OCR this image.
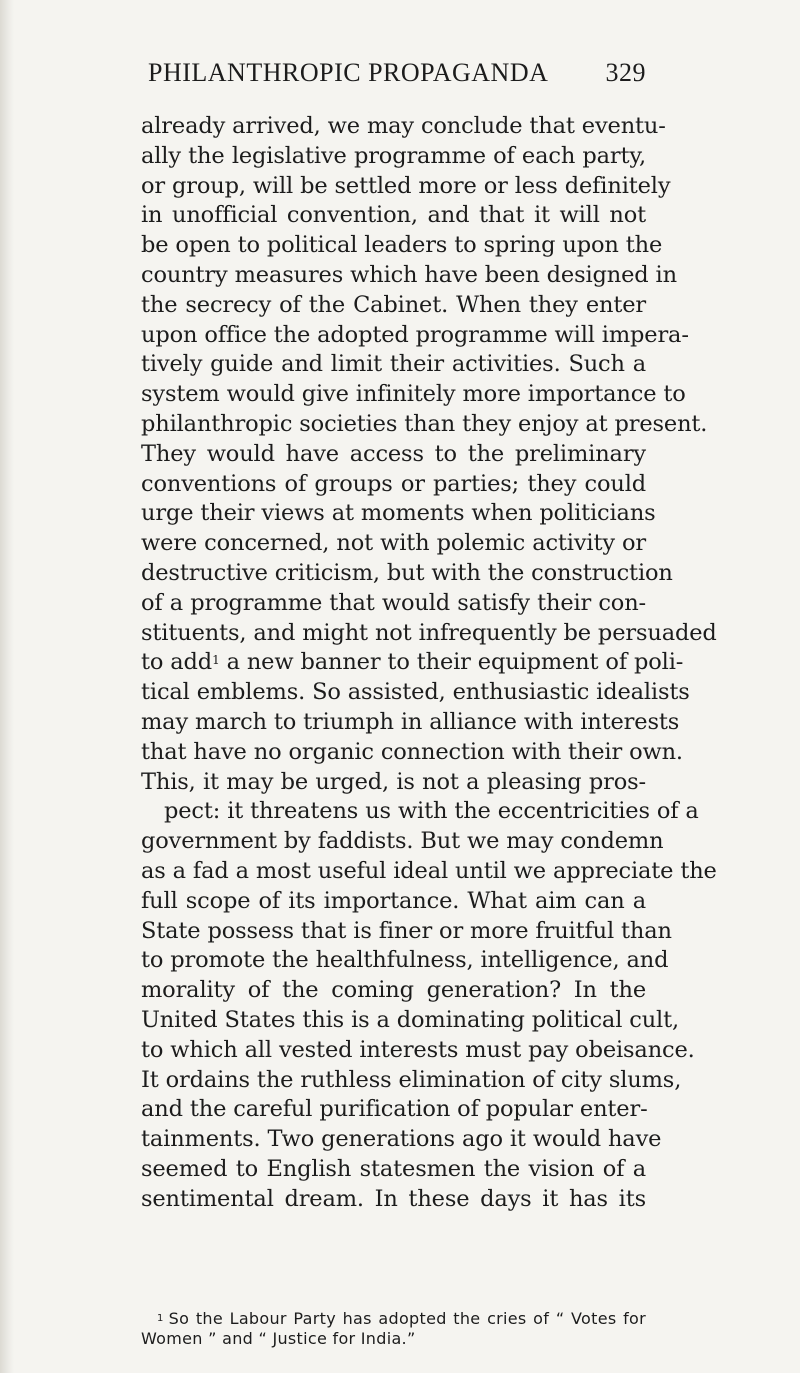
PHILANTHROPIC PROPAGANDA 329
already arrived, we may conclude that eventu-
ally the legislative programme of each party,
or group, will be settled more or less definitely
in unofficial convention, and that it will not
be open to political leaders to spring upon the
country measures which have been designed in
the secrecy of the Cabinet. When they enter
upon office the adopted programme will impera-
tively guide and limit their activities. Such a
system would give infinitely more importance to
philanthropic societies than they enjoy at present.
They would have access to the preliminary
conventions of groups or parties; they could
urge their views at moments when politicians
were concerned, not with polemic activity or
destructive criticism, but with the construction
of a programme that would satisfy their con-
stituents, and might not infrequently be persuaded
to add$^1$ a new banner to their equipment of poli-
tical emblems. So assisted, enthusiastic idealists
may march to triumph in alliance with interests
that have no organic connection with their own.
This, it may be urged, is not a pleasing pros-
pect: it threatens us with the eccentricities of a
government by faddists. But we may condemn
as a fad a most useful ideal until we appreciate the
full scope of its importance. What aim can a
State possess that is finer or more fruitful than
to promote the healthfulness, intelligence, and
morality of the coming generation? In the
United States this is a dominating political cult,
to which all vested interests must pay obeisance.
It ordains the ruthless elimination of city slums,
and the careful purification of popular enter-
tainments. Two generations ago it would have
seemed to English statesmen the vision of a
sentimental dream. In these days it has its
$^1$ So the Labour Party has adopted the cries of “ Votes for
Women ” and “ Justice for India.”
